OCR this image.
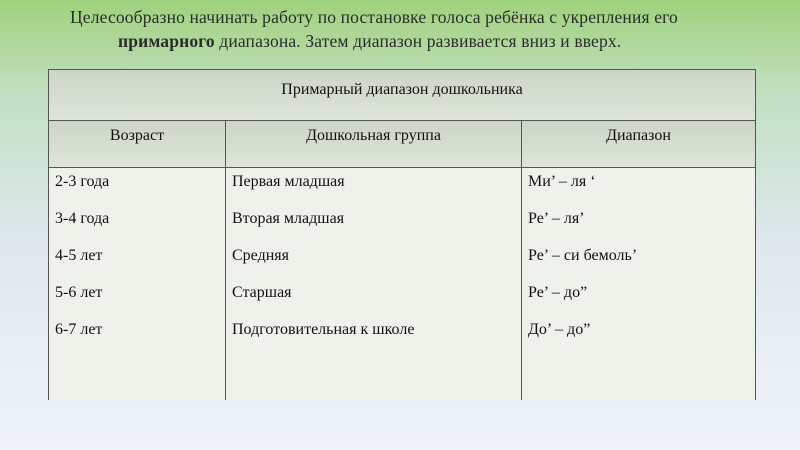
Целесообразно начинать работу по постановке голоса ребёнка с укрепления его
примарного диапазона. Затем диапазон развивается вниз и вверх.
Примарный диапазон дошкольника
Возраст	Дошкольная группа	Диапазон
2-3 года
3-4 года
4-5 лет
5-6 лет
6-7 лет
Первая младшая
Вторая младшая
Средняя
Старшая
Подготовительная к школе
Ми’ – ля ‘
Ре’ – ля’
Ре’ – си бемоль’
Ре’ – до”
До’ – до”
